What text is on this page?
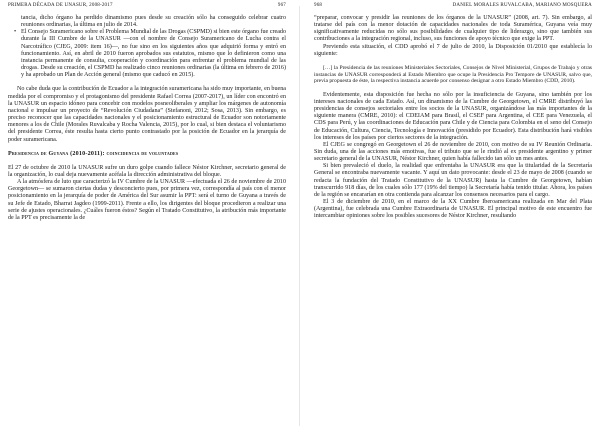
PRIMERA DÉCADA DE UNASUR, 2008-2017	967
tancia, dicho órgano ha perdido dinamismo pues desde su creación sólo ha conseguido celebrar cuatro reuniones ordinarias, la última en julio de 2014.
• El Consejo Suramericano sobre el Problema Mundial de las Drogas (CSPMD) si bien este órgano fue creado durante la III Cumbre de la UNASUR —con el nombre de Consejo Suramericano de Lucha contra el Narcotráfico (CJEG, 2009: item 16)—, no fue sino en los siguientes años que adquirió forma y entró en funcionamiento. Así, en abril de 2010 fueron aprobados sus estatutos, mismo que lo definieron como una instancia permanente de consulta, cooperación y coordinación para enfrentar el problema mundial de las drogas. Desde su creación, el CSPMD ha realizado cinco reuniones ordinarias (la última en febrero de 2016) y ha aprobado un Plan de Acción general (mismo que caducó en 2015).

No cabe duda que la contribución de Ecuador a la integración suramericana ha sido muy importante, en buena medida por el compromiso y el protagonismo del presidente Rafael Correa (2007-2017), un líder con encontró en la UNASUR un espacio idóneo para concebir con modelos posneoliberales y ampliar los márgenes de autonomía nacional e impulsar un proyecto de “Revolución Ciudadana” (Stefanoni, 2012; Sosa, 2013). Sin embargo, es preciso reconocer que las capacidades nacionales y el posicionamiento estructural de Ecuador son notoriamente menores a los de Chile (Morales Ruvalcaba y Rocha Valencia, 2015), por lo cual, si bien destaca el voluntarismo del presidente Correa, éste resulta hasta cierto punto contrastado por la posición de Ecuador en la jerarquía de poder suramericana.

Presidencia de Guyana (2010-2011): coincidencia de voluntades

El 27 de octubre de 2010 la UNASUR sufre un duro golpe cuando fallece Néstor Kirchner, secretario general de la organización, lo cual deja nuevamente acéfala la dirección administrativa del bloque.

A la atmósfera de luto que caracterizó la IV Cumbre de la UNASUR —efectuada el 26 de noviembre de 2010 Georgetown— se sumaron ciertas dudas y desconcierto pues, por primera vez, correspondía al país con el menor posicionamiento en la jerarquía de poder de América del Sur asumir la PPT: será el turno de Guyana a través de su Jefe de Estado, Bharrat Jagdeo (1999-2011). Frente a ello, los dirigentes del bloque procedieron a realizar una serie de ajustes operacionales. ¿Cuáles fueron éstos? Según el Tratado Constitutivo, la atribución más importante de la PPT es precisamente la de

968	DANIEL MORALES RUVALCABA, MARIANO MOSQUERA

“preparar, convocar y presidir las reuniones de los órganos de la UNASUR” (2008, art. 7). Sin embargo, al tratarse del país con la menor dotación de capacidades nacionales de toda Suramérica, Guyana veía muy significativamente reducidas no sólo sus posibilidades de cualquier tipo de liderazgo, sino que también sus contribuciones a la integración regional, incluso, sus funciones de apoyo técnico que exige la PPT.

Previendo esta situación, el CDD aprobó el 7 de julio de 2010, la Disposición 01/2010 que establecía lo siguiente:

[…] la Presidencia de las reuniones Ministeriales Sectoriales, Consejos de Nivel Ministerial, Grupos de Trabajo y otras instancias de UNASUR corresponderá al Estado Miembro que ocupe la Presidencia Pro Tempore de UNASUR, salvo que, previa propuesta de éste, la respectiva instancia acuerde por consenso designar a otro Estado Miembro (CDD, 2010).

Evidentemente, esta disposición fue hecha no sólo por la insuficiencia de Guyana, sino también por los intereses nacionales de cada Estado. Así, un dinamismo de la Cumbre de Georgetown, el CMRE distribuyó las presidencias de consejos sectoriales entre los socios de la UNASUR, organizándose las más importantes de la siguiente manera (CMRE, 2010): el CDEIAM para Brasil, el CSEF para Argentina, el CEE para Venezuela, el CDS para Perú, y las coordinaciones de Educación para Chile y de Ciencia para Colombia en el seno del Consejo de Educación, Cultura, Ciencia, Tecnología e Innovación (presidido por Ecuador). Esta distribución hará visibles los intereses de los países por ciertos sectores de la integración.

El CJEG se congregó en Georgetown el 26 de noviembre de 2010, con motivo de su IV Reunión Ordinaria. Sin duda, una de las acciones más emotivas, fue el tributo que se le rindió al ex presidente argentino y primer secretario general de la UNASUR, Néstor Kirchner, quien había fallecido tan sólo un mes antes.

Si bien prevaleció el duelo, la realidad que enfrentaba la UNASUR era que la titularidad de la Secretaría General se encontraba nuevamente vacante. Y aquí un dato provocante: desde el 23 de mayo de 2008 (cuando se redacta la fundación del Tratado Constitutivo de la UNASUR) hasta la Cumbre de Georgetown, habían transcurrido 918 días, de los cuales sólo 177 (19% del tiempo) la Secretaría había tenido titular. Ahora, los países de la región se encararían en otra contienda para alcanzar los consensos necesarios para el cargo.

El 3 de diciembre de 2010, en el marco de la XX Cumbre Iberoamericana realizada en Mar del Plata (Argentina), fue celebrada una Cumbre Extraordinaria de UNASUR. El principal motivo de este encuentro fue intercambiar opiniones sobre los posibles sucesores de Néstor Kirchner, resultando
